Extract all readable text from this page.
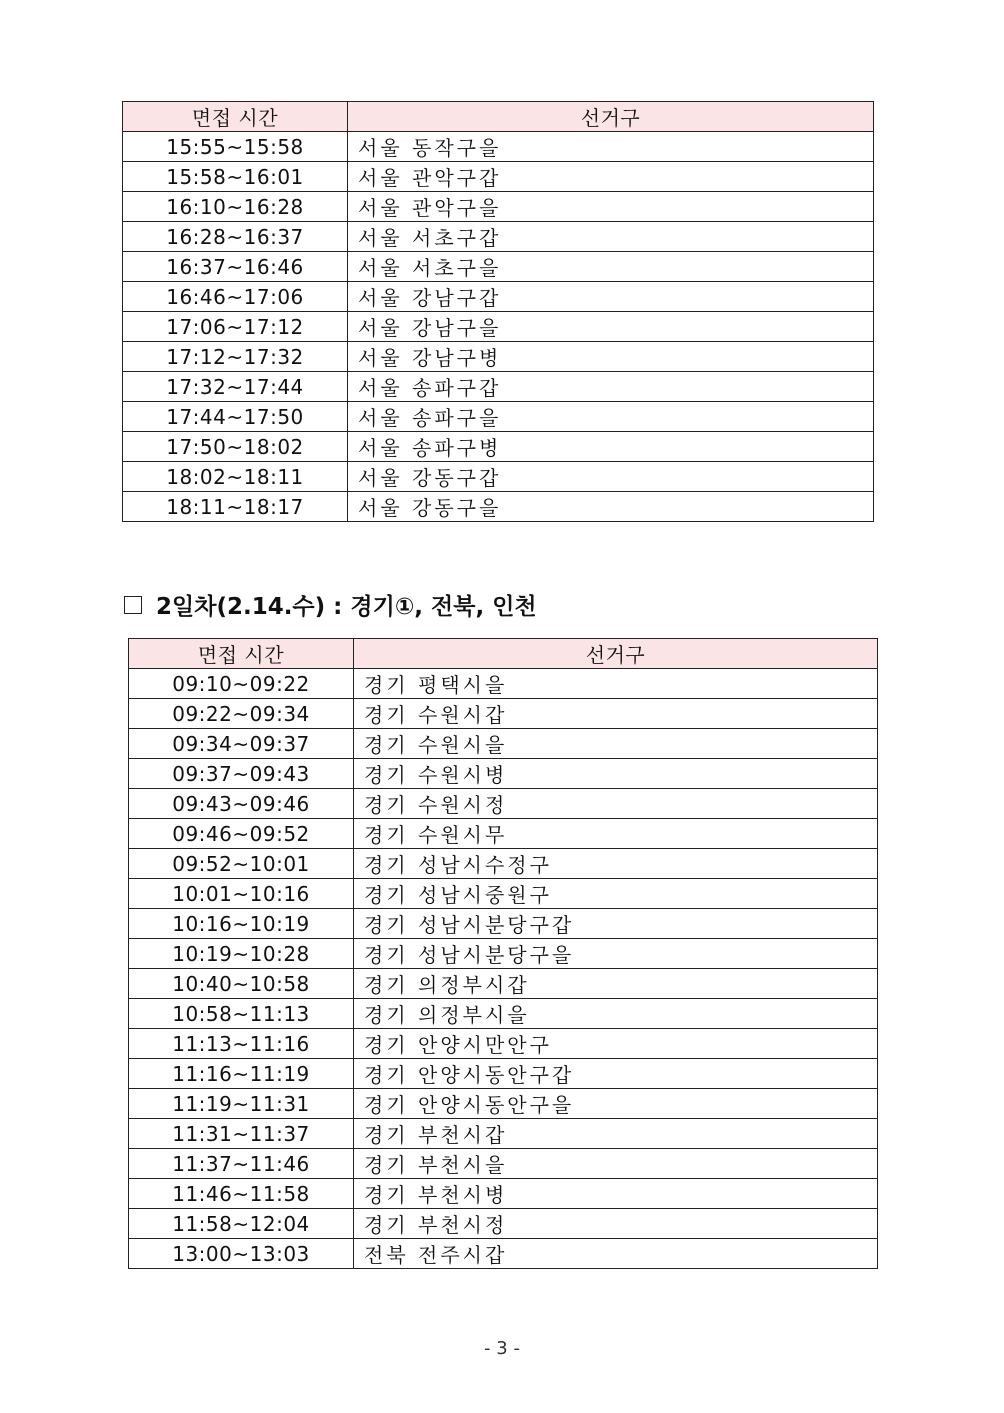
면접 시간	선거구
15:55~15:58	서울 동작구을
15:58~16:01	서울 관악구갑
16:10~16:28	서울 관악구을
16:28~16:37	서울 서초구갑
16:37~16:46	서울 서초구을
16:46~17:06	서울 강남구갑
17:06~17:12	서울 강남구을
17:12~17:32	서울 강남구병
17:32~17:44	서울 송파구갑
17:44~17:50	서울 송파구을
17:50~18:02	서울 송파구병
18:02~18:11	서울 강동구갑
18:11~18:17	서울 강동구을
2일차(2.14.수) : 경기①, 전북, 인천
면접 시간	선거구
09:10~09:22	경기 평택시을
09:22~09:34	경기 수원시갑
09:34~09:37	경기 수원시을
09:37~09:43	경기 수원시병
09:43~09:46	경기 수원시정
09:46~09:52	경기 수원시무
09:52~10:01	경기 성남시수정구
10:01~10:16	경기 성남시중원구
10:16~10:19	경기 성남시분당구갑
10:19~10:28	경기 성남시분당구을
10:40~10:58	경기 의정부시갑
10:58~11:13	경기 의정부시을
11:13~11:16	경기 안양시만안구
11:16~11:19	경기 안양시동안구갑
11:19~11:31	경기 안양시동안구을
11:31~11:37	경기 부천시갑
11:37~11:46	경기 부천시을
11:46~11:58	경기 부천시병
11:58~12:04	경기 부천시정
13:00~13:03	전북 전주시갑
- 3 -
